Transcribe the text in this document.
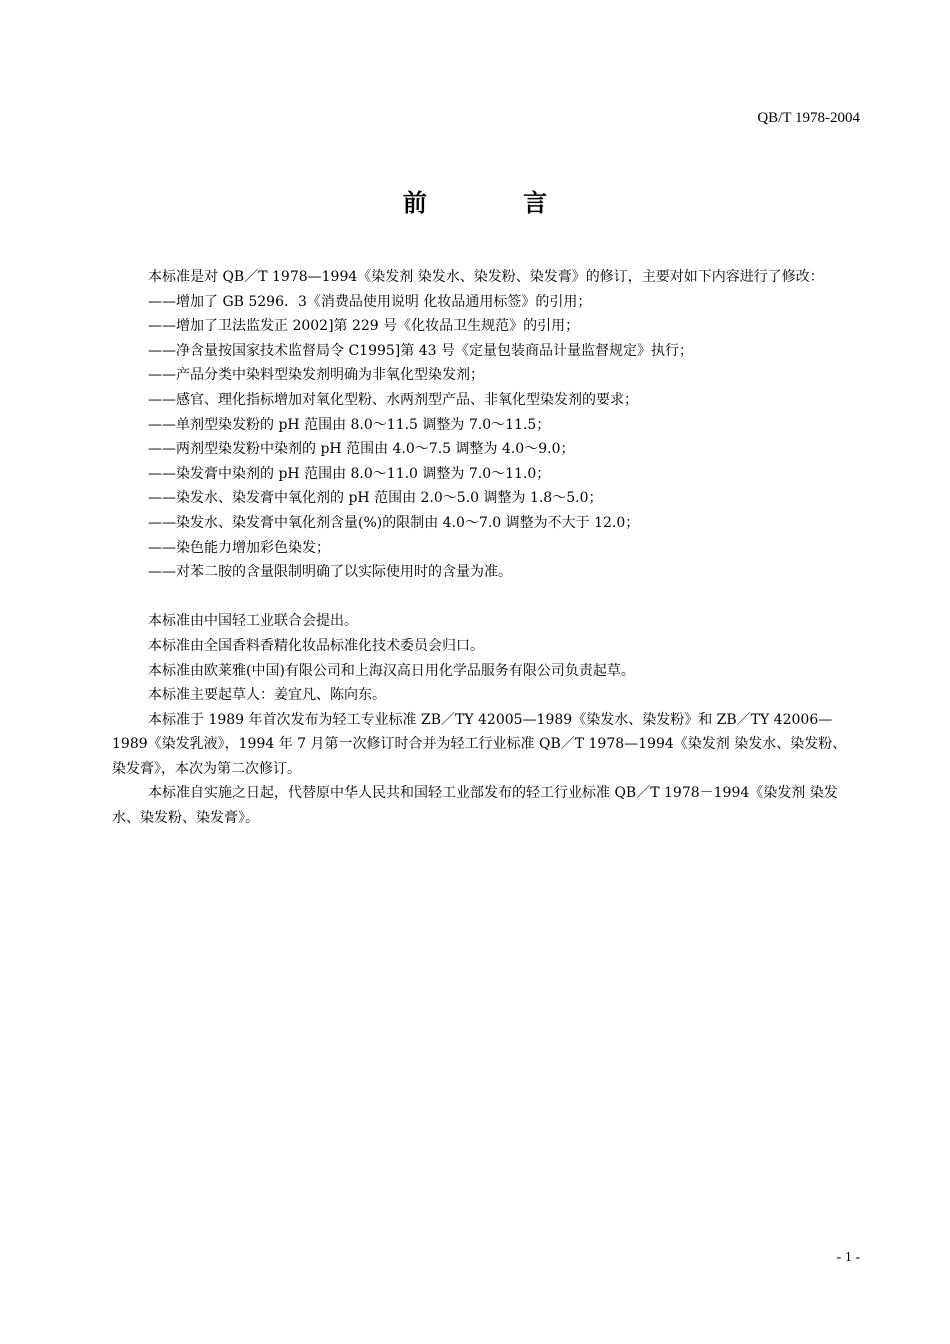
QB/T 1978-2004
前 言

本标准是对 QB／T 1978—1994《染发剂 染发水、染发粉、染发膏》的修订，主要对如下内容进行了修改：

——增加了 GB 5296．3《消费品使用说明 化妆品通用标签》的引用；

——增加了卫法监发正 2002]第 229 号《化妆品卫生规范》的引用；

——净含量按国家技术监督局令 C1995]第 43 号《定量包装商品计量监督规定》执行；

——产品分类中染料型染发剂明确为非氧化型染发剂；

——感官、理化指标增加对氧化型粉、水两剂型产品、非氧化型染发剂的要求；

——单剂型染发粉的 pH 范围由 8.0～11.5 调整为 7.0～11.5；

——两剂型染发粉中染剂的 pH 范围由 4.0～7.5 调整为 4.0～9.0；

——染发膏中染剂的 pH 范围由 8.0～11.0 调整为 7.0～11.0；

——染发水、染发膏中氧化剂的 pH 范围由 2.0～5.0 调整为 1.8～5.0；

——染发水、染发膏中氧化剂含量(%)的限制由 4.0～7.0 调整为不大于 12.0；

——染色能力增加彩色染发；

——对苯二胺的含量限制明确了以实际使用时的含量为准。

本标准由中国轻工业联合会提出。

本标准由全国香料香精化妆品标准化技术委员会归口。

本标准由欧莱雅(中国)有限公司和上海汉高日用化学品服务有限公司负责起草。

本标准主要起草人：姜宜凡、陈向东。

本标准于 1989 年首次发布为轻工专业标准 ZB／TY 42005—1989《染发水、染发粉》和 ZB／TY 42006—1989《染发乳液》，1994 年 7 月第一次修订时合并为轻工行业标准 QB／T 1978—1994《染发剂 染发水、染发粉、染发膏》，本次为第二次修订。

本标准自实施之日起，代替原中华人民共和国轻工业部发布的轻工行业标准 QB／T 1978－1994《染发剂 染发水、染发粉、染发膏》。

- 1 -
